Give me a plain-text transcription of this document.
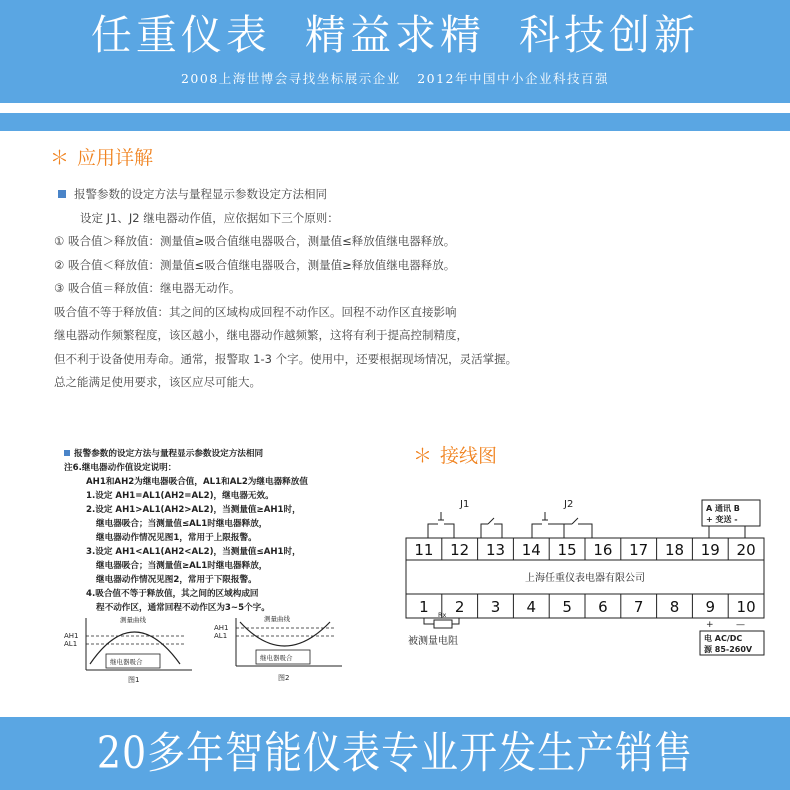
任重仪表  精益求精  科技创新
2008上海世博会寻找坐标展示企业   2012年中国中小企业科技百强
＊ 应用详解
报警参数的设定方法与量程显示参数设定方法相同
设定 J1、J2 继电器动作值，应依据如下三个原则：
① 吸合值＞释放值：测量值≥吸合值继电器吸合，测量值≤释放值继电器释放。
② 吸合值＜释放值：测量值≤吸合值继电器吸合，测量值≥释放值继电器释放。
③ 吸合值＝释放值：继电器无动作。
吸合值不等于释放值：其之间的区域构成回程不动作区。回程不动作区直接影响
继电器动作频繁程度，该区越小，继电器动作越频繁，这将有利于提高控制精度，
但不利于设备使用寿命。通常，报警取 1-3 个字。使用中，还要根据现场情况，灵活掌握。
总之能满足使用要求，该区应尽可能大。
报警参数的设定方法与量程显示参数设定方法相同
注6.继电器动作值设定说明：
AH1和AH2为继电器吸合值，AL1和AL2为继电器释放值
1.设定 AH1=AL1(AH2=AL2)，继电器无效。
2.设定 AH1>AL1(AH2>AL2)，当测量值≥AH1时，
继电器吸合；当测量值≤AL1时继电器释放，
继电器动作情况见图1，常用于上限报警。
3.设定 AH1<AL1(AH2<AL2)，当测量值≤AH1时，
继电器吸合；当测量值≥AL1时继电器释放，
继电器动作情况见图2，常用于下限报警。
4.吸合值不等于释放值，其之间的区域构成回
程不动作区，通常回程不动作区为3~5个字。
AH1
AL1
测量曲线
继电器吸合
图1
AH1
AL1
测量曲线
继电器吸合
图2
＊ 接线图
J1	J2	A 通讯 B
+ 变送 -
11 12 13 14 15 16 17 18 19 20
1 2 3 4 5 6 7 8 9 10
上海任重仪表电器有限公司
Rx
被测量电阻
+ —
电 AC/DC
源 85-260V
20多年智能仪表专业开发生产销售
